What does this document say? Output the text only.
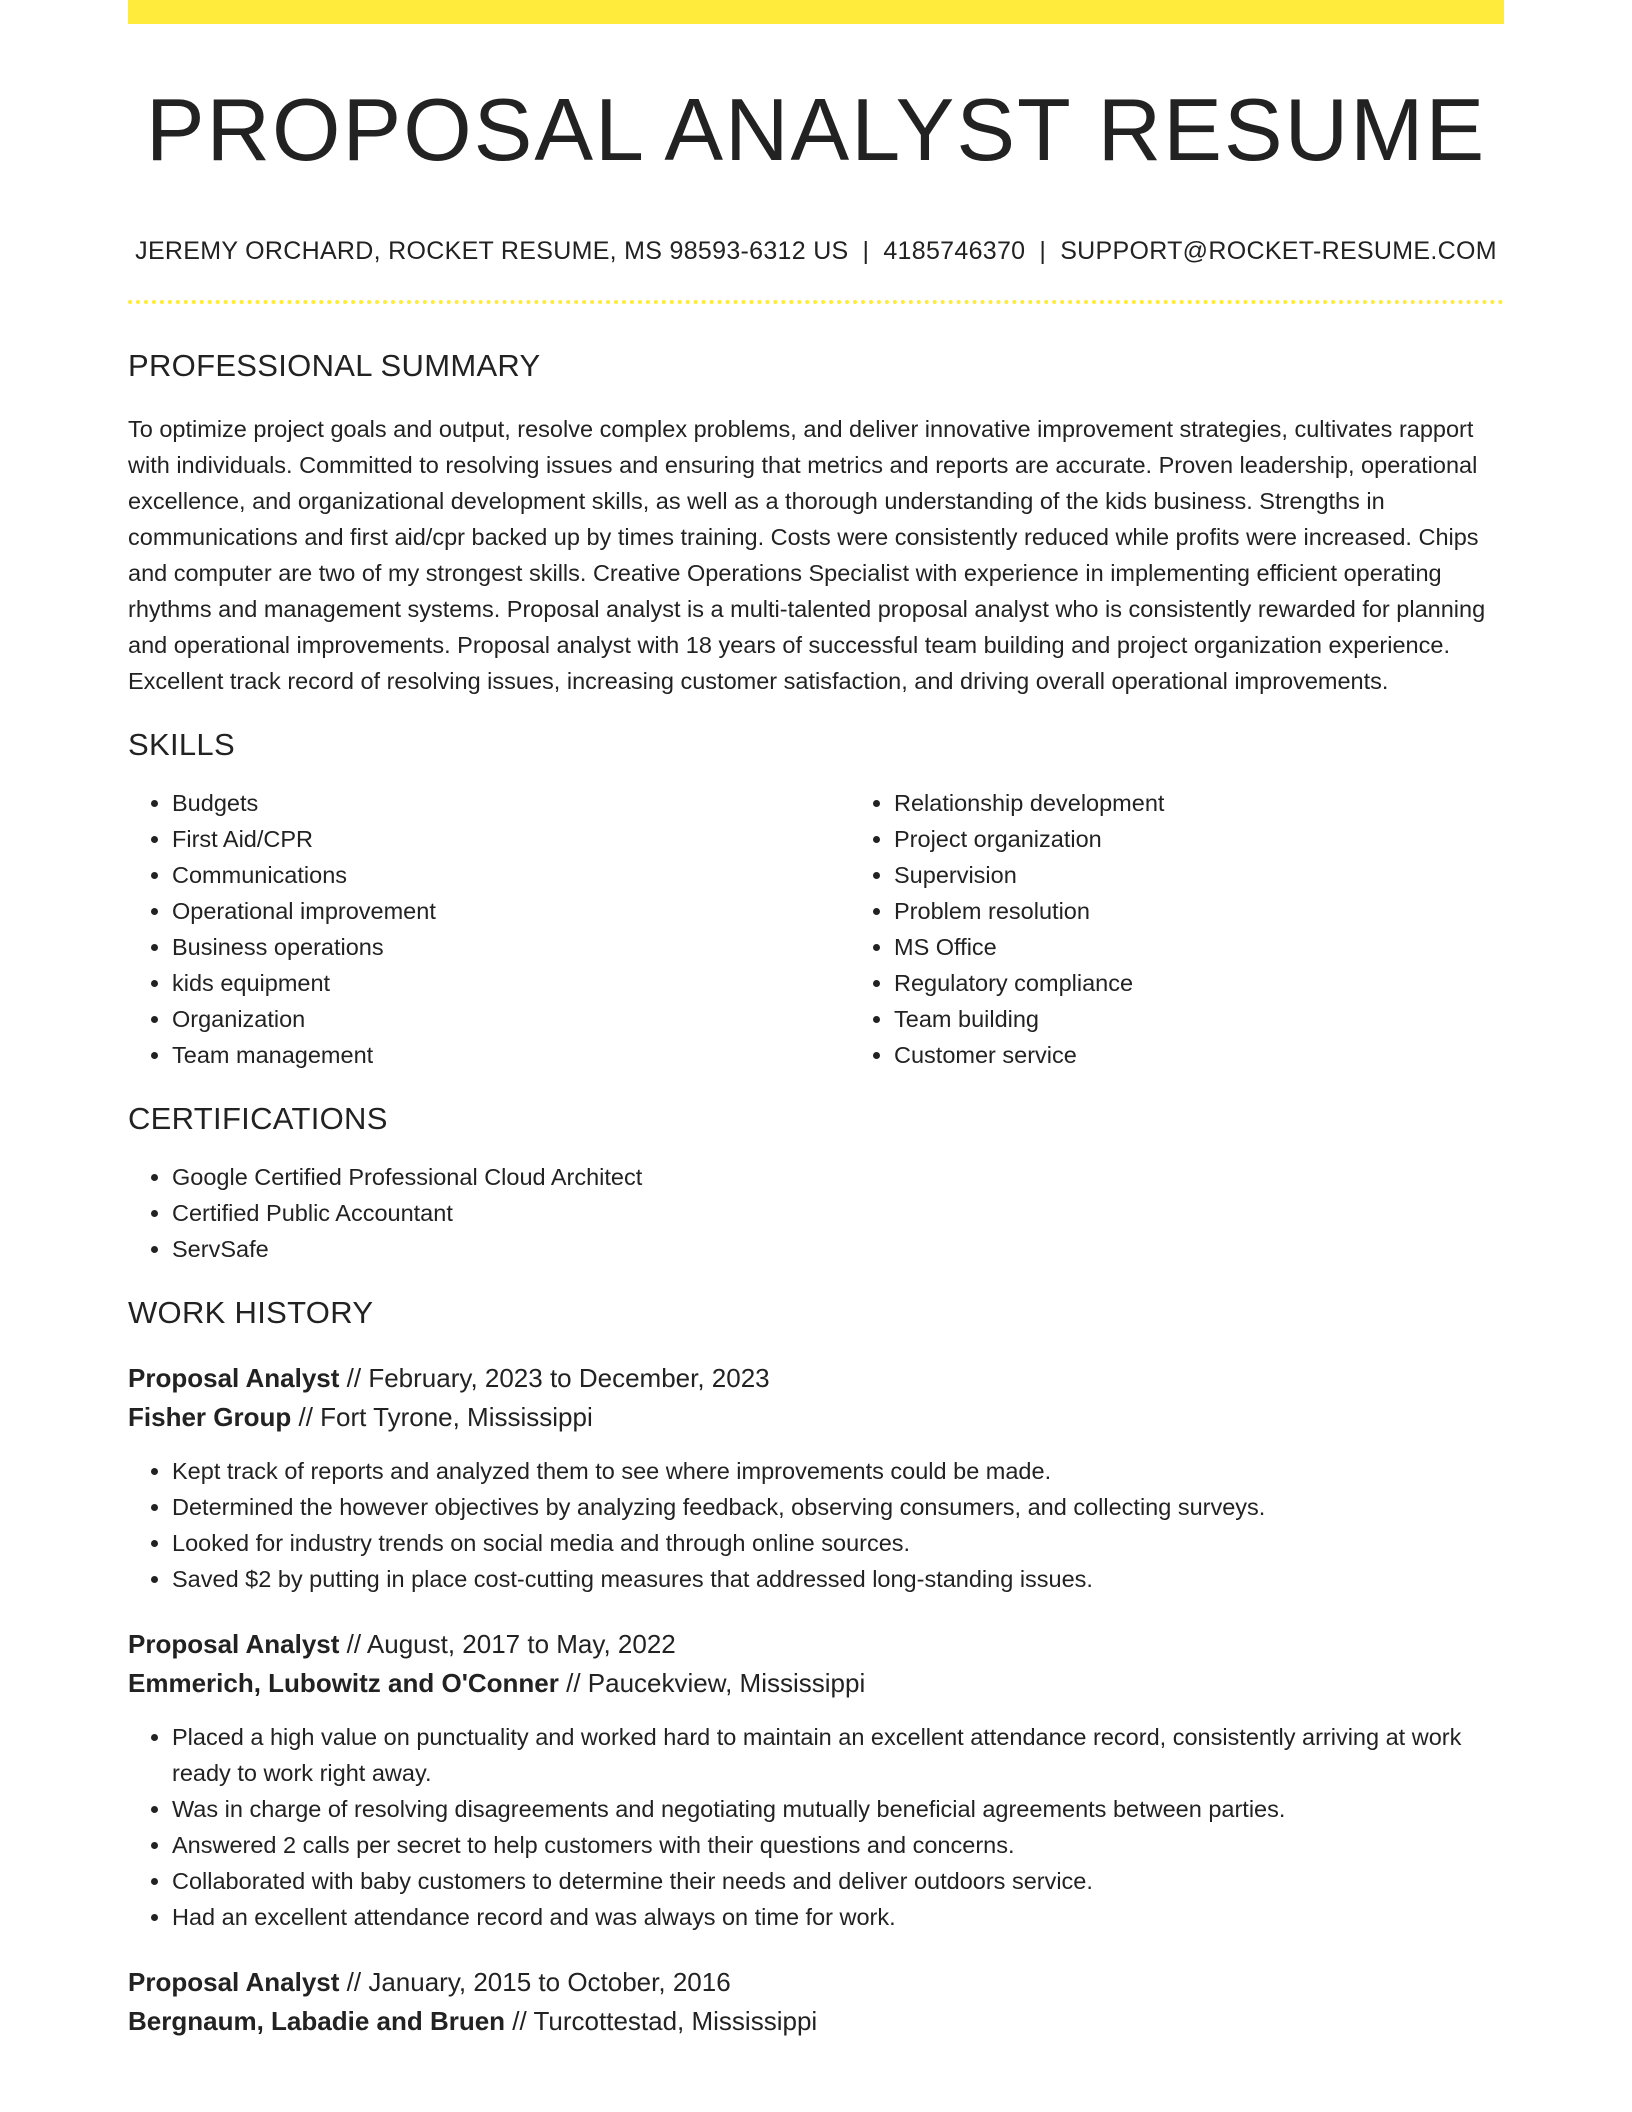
PROPOSAL ANALYST RESUME
JEREMY ORCHARD, ROCKET RESUME, MS 98593-6312 US | 4185746370 | SUPPORT@ROCKET-RESUME.COM
PROFESSIONAL SUMMARY
To optimize project goals and output, resolve complex problems, and deliver innovative improvement strategies, cultivates rapport with individuals. Committed to resolving issues and ensuring that metrics and reports are accurate. Proven leadership, operational excellence, and organizational development skills, as well as a thorough understanding of the kids business. Strengths in communications and first aid/cpr backed up by times training. Costs were consistently reduced while profits were increased. Chips and computer are two of my strongest skills. Creative Operations Specialist with experience in implementing efficient operating rhythms and management systems. Proposal analyst is a multi-talented proposal analyst who is consistently rewarded for planning and operational improvements. Proposal analyst with 18 years of successful team building and project organization experience. Excellent track record of resolving issues, increasing customer satisfaction, and driving overall operational improvements.
SKILLS
• Budgets
• First Aid/CPR
• Communications
• Operational improvement
• Business operations
• kids equipment
• Organization
• Team management
• Relationship development
• Project organization
• Supervision
• Problem resolution
• MS Office
• Regulatory compliance
• Team building
• Customer service
CERTIFICATIONS
• Google Certified Professional Cloud Architect
• Certified Public Accountant
• ServSafe
WORK HISTORY
Proposal Analyst // February, 2023 to December, 2023
Fisher Group // Fort Tyrone, Mississippi
• Kept track of reports and analyzed them to see where improvements could be made.
• Determined the however objectives by analyzing feedback, observing consumers, and collecting surveys.
• Looked for industry trends on social media and through online sources.
• Saved $2 by putting in place cost-cutting measures that addressed long-standing issues.
Proposal Analyst // August, 2017 to May, 2022
Emmerich, Lubowitz and O'Conner // Paucekview, Mississippi
• Placed a high value on punctuality and worked hard to maintain an excellent attendance record, consistently arriving at work ready to work right away.
• Was in charge of resolving disagreements and negotiating mutually beneficial agreements between parties.
• Answered 2 calls per secret to help customers with their questions and concerns.
• Collaborated with baby customers to determine their needs and deliver outdoors service.
• Had an excellent attendance record and was always on time for work.
Proposal Analyst // January, 2015 to October, 2016
Bergnaum, Labadie and Bruen // Turcottestad, Mississippi
